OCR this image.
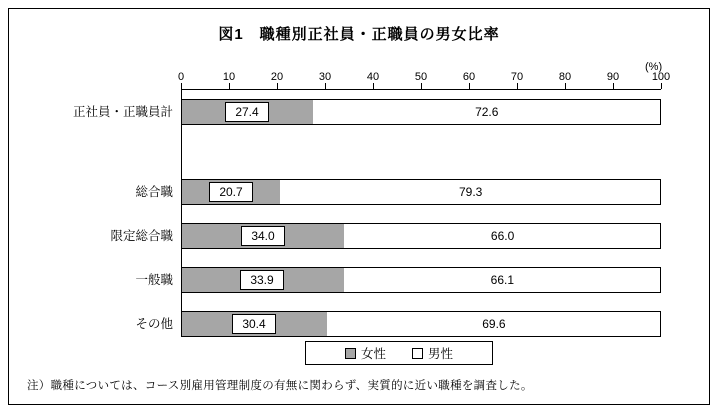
図1　職種別正社員・正職員の男女比率
(%)
0	10	20	30	40	50	60	70	80	90	100
正社員・正職員計	27.4	72.6
総合職	20.7	79.3
限定総合職	34.0	66.0
一般職	33.9	66.1
その他	30.4	69.6
女性	男性
注）職種については、コース別雇用管理制度の有無に関わらず、実質的に近い職種を調査した。
